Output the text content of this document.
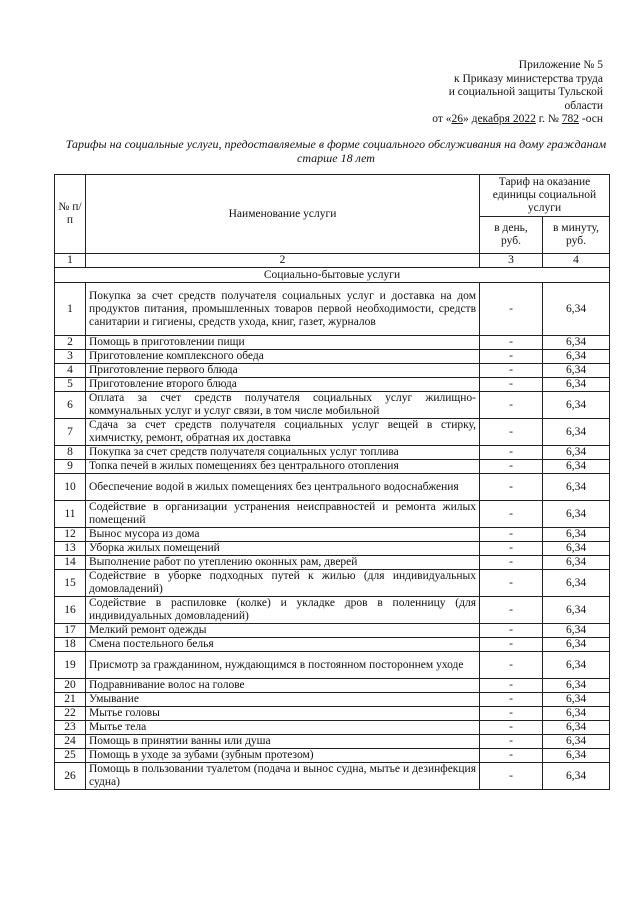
Приложение № 5
к Приказу министерства труда
и социальной защиты Тульской
области
от «26» декабря 2022 г. № 782 -осн
Тарифы на социальные услуги, предоставляемые в форме социального обслуживания на дому гражданам старше 18 лет
№ п/п	Наименование услуги	Тариф на оказание единицы социальной услуги	
		в день, руб.	в минуту, руб.
1	2	3	4
Социально-бытовые услуги			
1	Покупка за счет средств получателя социальных услуг и доставка на дом продуктов питания, промышленных товаров первой необходимости, средств санитарии и гигиены, средств ухода, книг, газет, журналов	-	6,34
2	Помощь в приготовлении пищи	-	6,34
3	Приготовление комплексного обеда	-	6,34
4	Приготовление первого блюда	-	6,34
5	Приготовление второго блюда	-	6,34
6	Оплата за счет средств получателя социальных услуг жилищно-коммунальных услуг и услуг связи, в том числе мобильной	-	6,34
7	Сдача за счет средств получателя социальных услуг вещей в стирку, химчистку, ремонт, обратная их доставка	-	6,34
8	Покупка за счет средств получателя социальных услуг топлива	-	6,34
9	Топка печей в жилых помещениях без центрального отопления	-	6,34
10	Обеспечение водой в жилых помещениях без центрального водоснабжения	-	6,34
11	Содействие в организации устранения неисправностей и ремонта жилых помещений	-	6,34
12	Вынос мусора из дома	-	6,34
13	Уборка жилых помещений	-	6,34
14	Выполнение работ по утеплению оконных рам, дверей	-	6,34
15	Содействие в уборке подходных путей к жилью (для индивидуальных домовладений)	-	6,34
16	Содействие в распиловке (колке) и укладке дров в поленницу (для индивидуальных домовладений)	-	6,34
17	Мелкий ремонт одежды	-	6,34
18	Смена постельного белья	-	6,34
19	Присмотр за гражданином, нуждающимся в постоянном постороннем уходе	-	6,34
20	Подравнивание волос на голове	-	6,34
21	Умывание	-	6,34
22	Мытье головы	-	6,34
23	Мытье тела	-	6,34
24	Помощь в принятии ванны или душа	-	6,34
25	Помощь в уходе за зубами (зубным протезом)	-	6,34
26	Помощь в пользовании туалетом (подача и вынос судна, мытье и дезинфекция судна)	-	6,34
